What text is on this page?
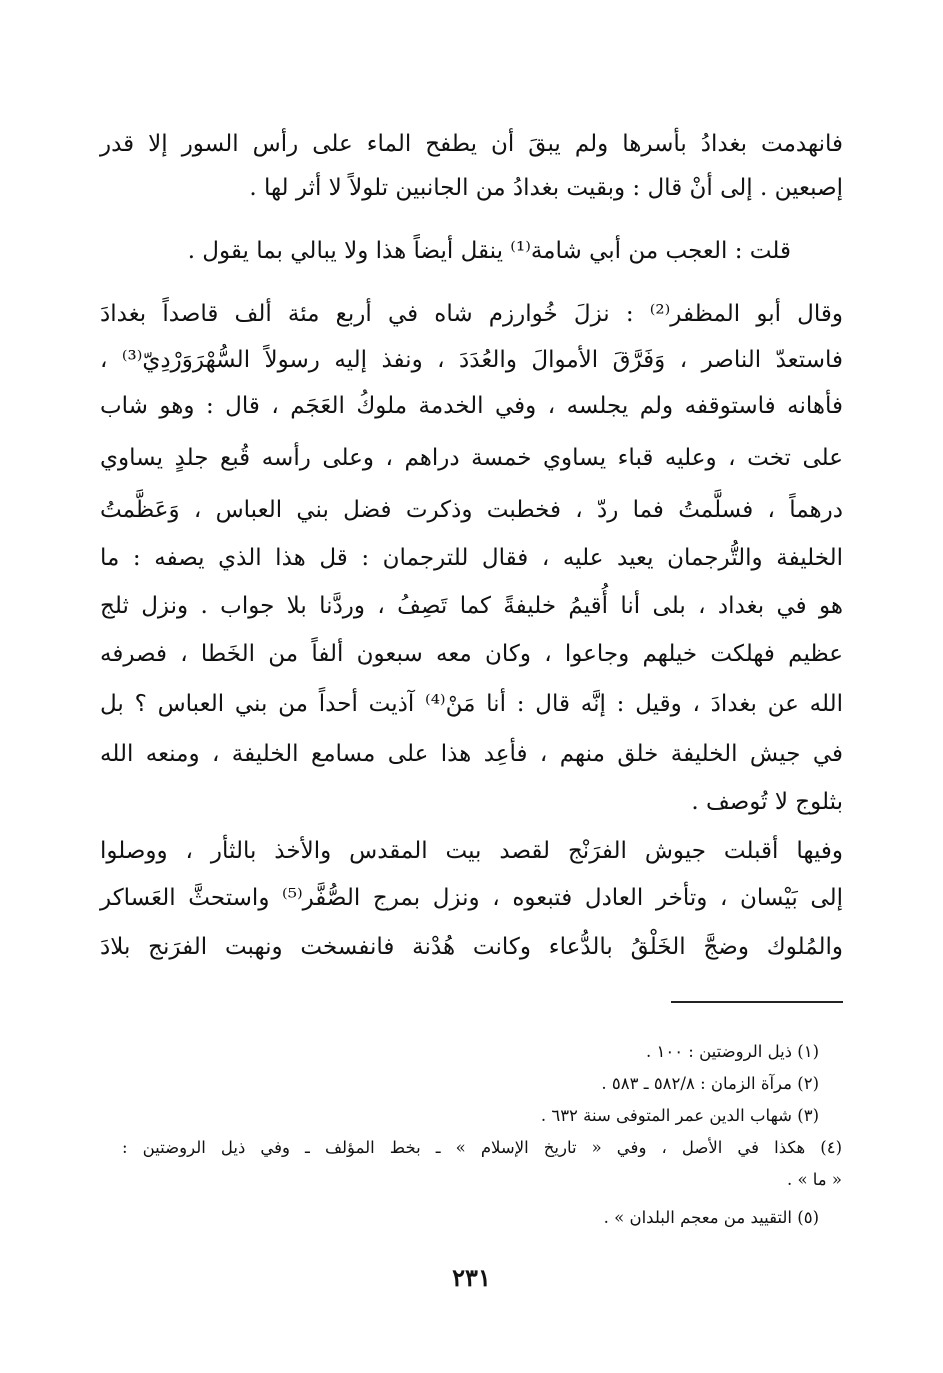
فانهدمت بغدادُ بأسرها ولم يبقَ أن يطفح الماء على رأس السور إلا قدر
إصبعين . إلى أنْ قال : وبقيت بغدادُ من الجانبين تلولاً لا أثر لها .
قلت : العجب من أبي شامة⁽¹⁾ ينقل أيضاً هذا ولا يبالي بما يقول .
وقال أبو المظفر⁽²⁾ : نزلَ خُوارزم شاه في أربع مئة ألف قاصداً بغدادَ
فاستعدّ الناصر ، وَفَرَّقَ الأموالَ والعُدَدَ ، ونفذ إليه رسولاً السُّهْرَوَرْدِيّ⁽³⁾ ،
فأهانه فاستوقفه ولم يجلسه ، وفي الخدمة ملوكُ العَجَم ، قال : وهو شاب
على تخت ، وعليه قباء يساوي خمسة دراهم ، وعلى رأسه قُبع جلدٍ يساوي
درهماً ، فسلَّمتُ فما ردّ ، فخطبت وذكرت فضل بني العباس ، وَعَظَّمتُ
الخليفة والتُّرجمان يعيد عليه ، فقال للترجمان : قل هذا الذي يصفه : ما
هو في بغداد ، بلى أنا أُقيمُ خليفةً كما تَصِفُ ، وردَّنا بلا جواب . ونزل ثلج
عظيم فهلكت خيلهم وجاعوا ، وكان معه سبعون ألفاً من الخَطا ، فصرفه
الله عن بغدادَ ، وقيل : إنَّه قال : أنا مَنْ⁽⁴⁾ آذيت أحداً من بني العباس ؟ بل
في جيش الخليفة خلق منهم ، فأعِد هذا على مسامع الخليفة ، ومنعه الله
بثلوج لا تُوصف .
وفيها أقبلت جيوش الفرَنْج لقصد بيت المقدس والأخذ بالثأر ، ووصلوا
إلى بَيْسان ، وتأخر العادل فتبعوه ، ونزل بمرج الصُّفَّر⁽⁵⁾ واستحثَّ العَساكر
والمُلوك وضجَّ الخَلْقُ بالدُّعاء وكانت هُدْنة فانفسخت ونهبت الفرَنج بلادَ
(١) ذيل الروضتين : ١٠٠ .
(٢) مرآة الزمان : ٥٨٢/٨ ـ ٥٨٣ .
(٣) شهاب الدين عمر المتوفى سنة ٦٣٢ .
(٤) هكذا في الأصل ، وفي « تاريخ الإسلام » ـ بخط المؤلف ـ وفي ذيل الروضتين :
« ما » .
(٥) التقييد من معجم البلدان » .
٢٣١
